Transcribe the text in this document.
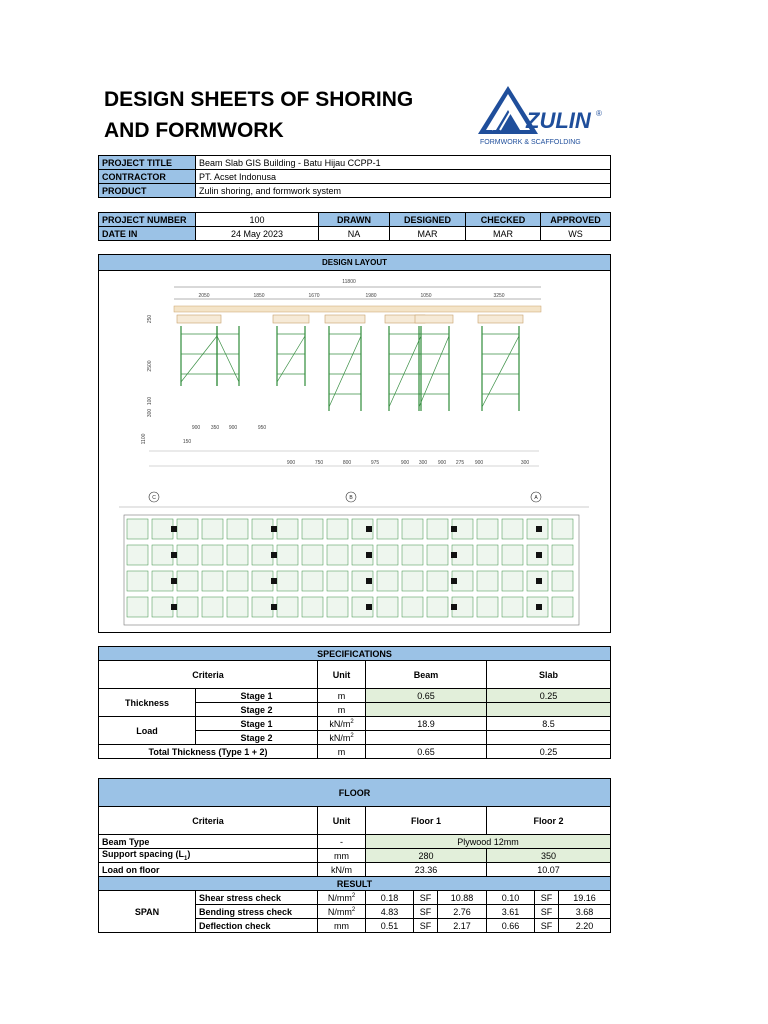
DESIGN SHEETS OF SHORING
AND FORMWORK	ZULIN ®
FORMWORK & SCAFFOLDING
PROJECT TITLE	Beam Slab GIS Building - Batu Hijau CCPP-1
CONTRACTOR	PT. Acset Indonusa
PRODUCT	Zulin shoring, and formwork system
PROJECT NUMBER	100	DRAWN	DESIGNED	CHECKED	APPROVED
DATE IN	24 May 2023	NA	MAR	MAR	WS
DESIGN LAYOUT
11800
2050	1850	1670	1980	1050	3250
250
2500
100
300
1100
900	750	800	975	900 300 900 275 900	300
900 350 900	950
150
C	B	A
SPECIFICATIONS				
Criteria		Unit	Beam	Slab
Thickness	Stage 1	m	0.65	0.25
	Stage 2	m		
Load	Stage 1	$kN/m^2$	18.9	8.5
	Stage 2	$kN/m^2$		
Total Thickness (Type 1 + 2)		m	0.65	0.25
FLOOR								
Criteria		Unit	Floor 1			Floor 2		
Beam Type		-	Plywood 12mm					
Support spacing $(L_1)$		mm	280			350		
Load on floor		kN/m	23.36			10.07		
RESULT								
SPAN	Shear stress check	$N/mm^2$	0.18	SF	10.88	0.10	SF	19.16
	Bending stress check	$N/mm^2$	4.83	SF	2.76	3.61	SF	3.68
	Deflection check	mm	0.51	SF	2.17	0.66	SF	2.20
